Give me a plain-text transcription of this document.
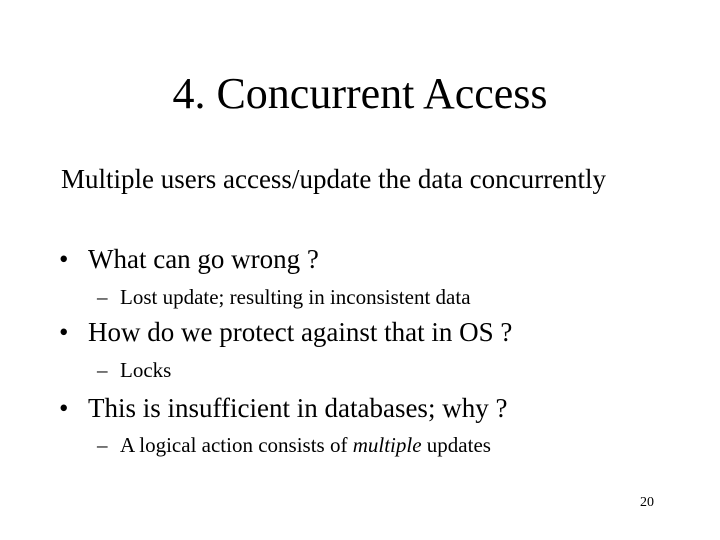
4. Concurrent Access
Multiple users access/update the data concurrently
• What can go wrong ?
– Lost update; resulting in inconsistent data
• How do we protect against that in OS ?
– Locks
• This is insufficient in databases; why ?
– A logical action consists of multiple updates
20
